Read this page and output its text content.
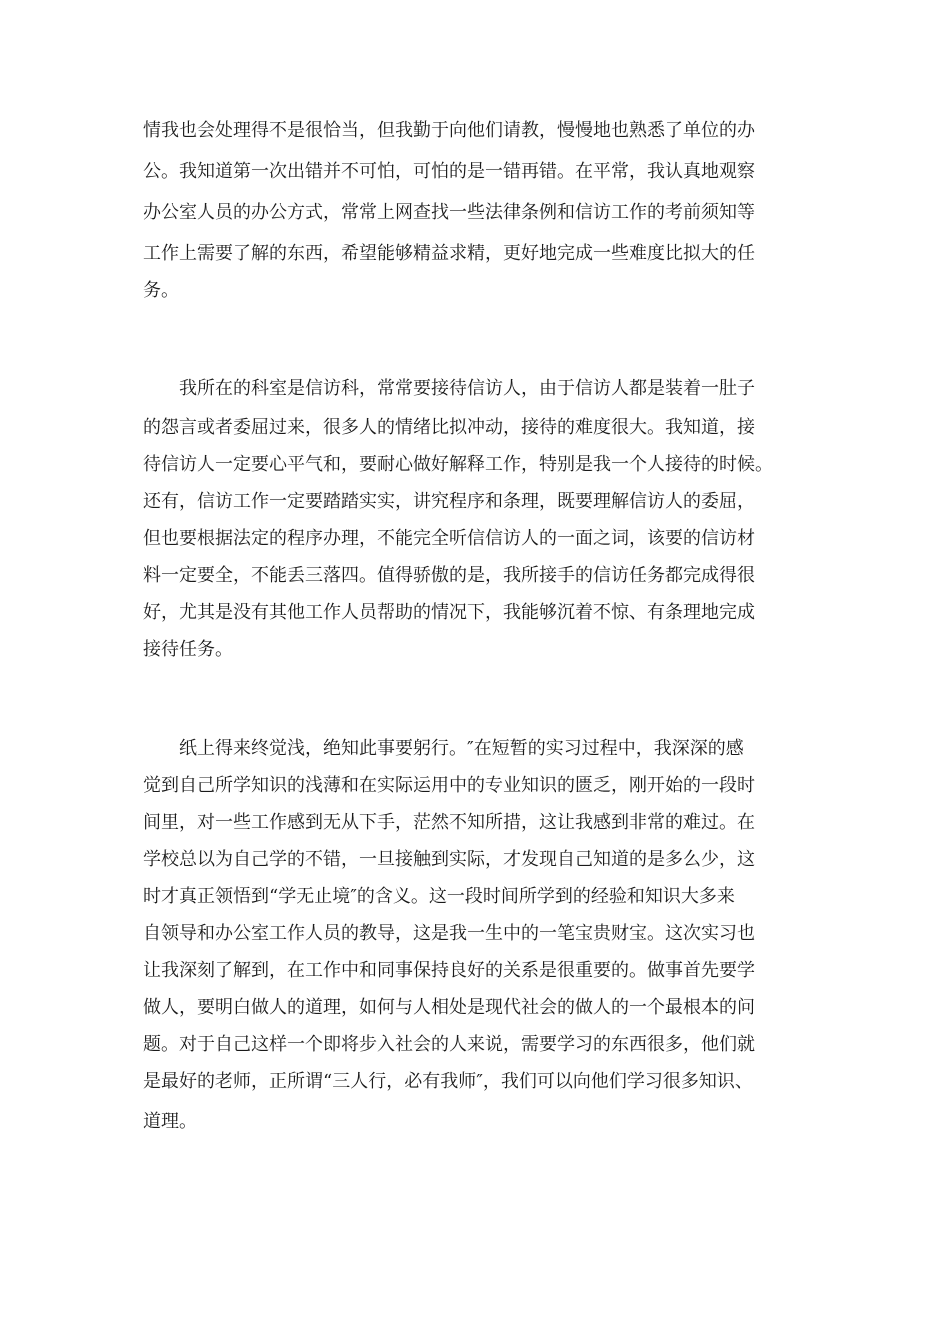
情我也会处理得不是很恰当，但我勤于向他们请教，慢慢地也熟悉了单位的办

公。我知道第一次出错并不可怕，可怕的是一错再错。在平常，我认真地观察

办公室人员的办公方式，常常上网查找一些法律条例和信访工作的考前须知等

工作上需要了解的东西，希望能够精益求精，更好地完成一些难度比拟大的任

务。

我所在的科室是信访科，常常要接待信访人，由于信访人都是装着一肚子

的怨言或者委屈过来，很多人的情绪比拟冲动，接待的难度很大。我知道，接

待信访人一定要心平气和，要耐心做好解释工作，特别是我一个人接待的时候。

还有，信访工作一定要踏踏实实，讲究程序和条理，既要理解信访人的委屈，

但也要根据法定的程序办理，不能完全听信信访人的一面之词，该要的信访材

料一定要全，不能丢三落四。值得骄傲的是，我所接手的信访任务都完成得很

好，尤其是没有其他工作人员帮助的情况下，我能够沉着不惊、有条理地完成

接待任务。

纸上得来终觉浅，绝知此事要躬行。″在短暂的实习过程中，我深深的感

觉到自己所学知识的浅薄和在实际运用中的专业知识的匮乏，刚开始的一段时

间里，对一些工作感到无从下手，茫然不知所措，这让我感到非常的难过。在

学校总以为自己学的不错，一旦接触到实际，才发现自己知道的是多么少，这

时才真正领悟到“学无止境″的含义。这一段时间所学到的经验和知识大多来

自领导和办公室工作人员的教导，这是我一生中的一笔宝贵财宝。这次实习也

让我深刻了解到，在工作中和同事保持良好的关系是很重要的。做事首先要学

做人，要明白做人的道理，如何与人相处是现代社会的做人的一个最根本的问

题。对于自己这样一个即将步入社会的人来说，需要学习的东西很多，他们就

是最好的老师，正所谓“三人行，必有我师″，我们可以向他们学习很多知识、

道理。
